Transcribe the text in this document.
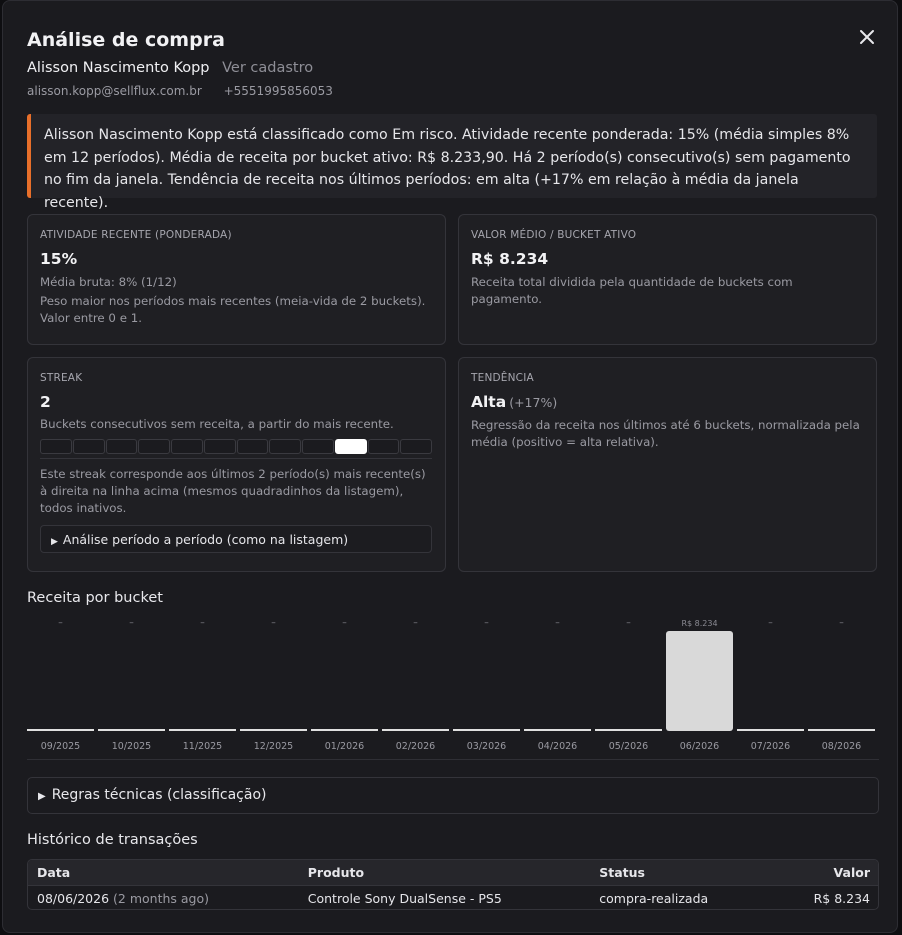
Análise de compra
Alisson Nascimento Kopp Ver cadastro
alisson.kopp@sellflux.com.br +5551995856053
Alisson Nascimento Kopp está classificado como Em risco. Atividade recente ponderada: 15% (média simples 8% em 12 períodos). Média de receita por bucket ativo: R$ 8.233,90. Há 2 período(s) consecutivo(s) sem pagamento no fim da janela. Tendência de receita nos últimos períodos: em alta (+17% em relação à média da janela recente).
ATIVIDADE RECENTE (PONDERADA)
15%
Média bruta: 8% (1/12)
Peso maior nos períodos mais recentes (meia-vida de 2 buckets). Valor entre 0 e 1.
VALOR MÉDIO / BUCKET ATIVO
R$ 8.234
Receita total dividida pela quantidade de buckets com pagamento.
STREAK
2
Buckets consecutivos sem receita, a partir do mais recente.
Este streak corresponde aos últimos 2 período(s) mais recente(s) à direita na linha acima (mesmos quadradinhos da listagem), todos inativos.
▶ Análise período a período (como na listagem)
TENDÊNCIA
Alta (+17%)
Regressão da receita nos últimos até 6 buckets, normalizada pela média (positivo = alta relativa).
Receita por bucket
–
09/2025
–
10/2025
–
11/2025
–
12/2025
–
01/2026
–
02/2026
–
03/2026
–
04/2026
–
05/2026
R$ 8.234
06/2026
–
07/2026
–
08/2026
▶ Regras técnicas (classificação)
Histórico de transações
Data	Produto	Status	Valor
08/06/2026 (2 months ago)	Controle Sony DualSense - PS5	compra-realizada	R$ 8.234
